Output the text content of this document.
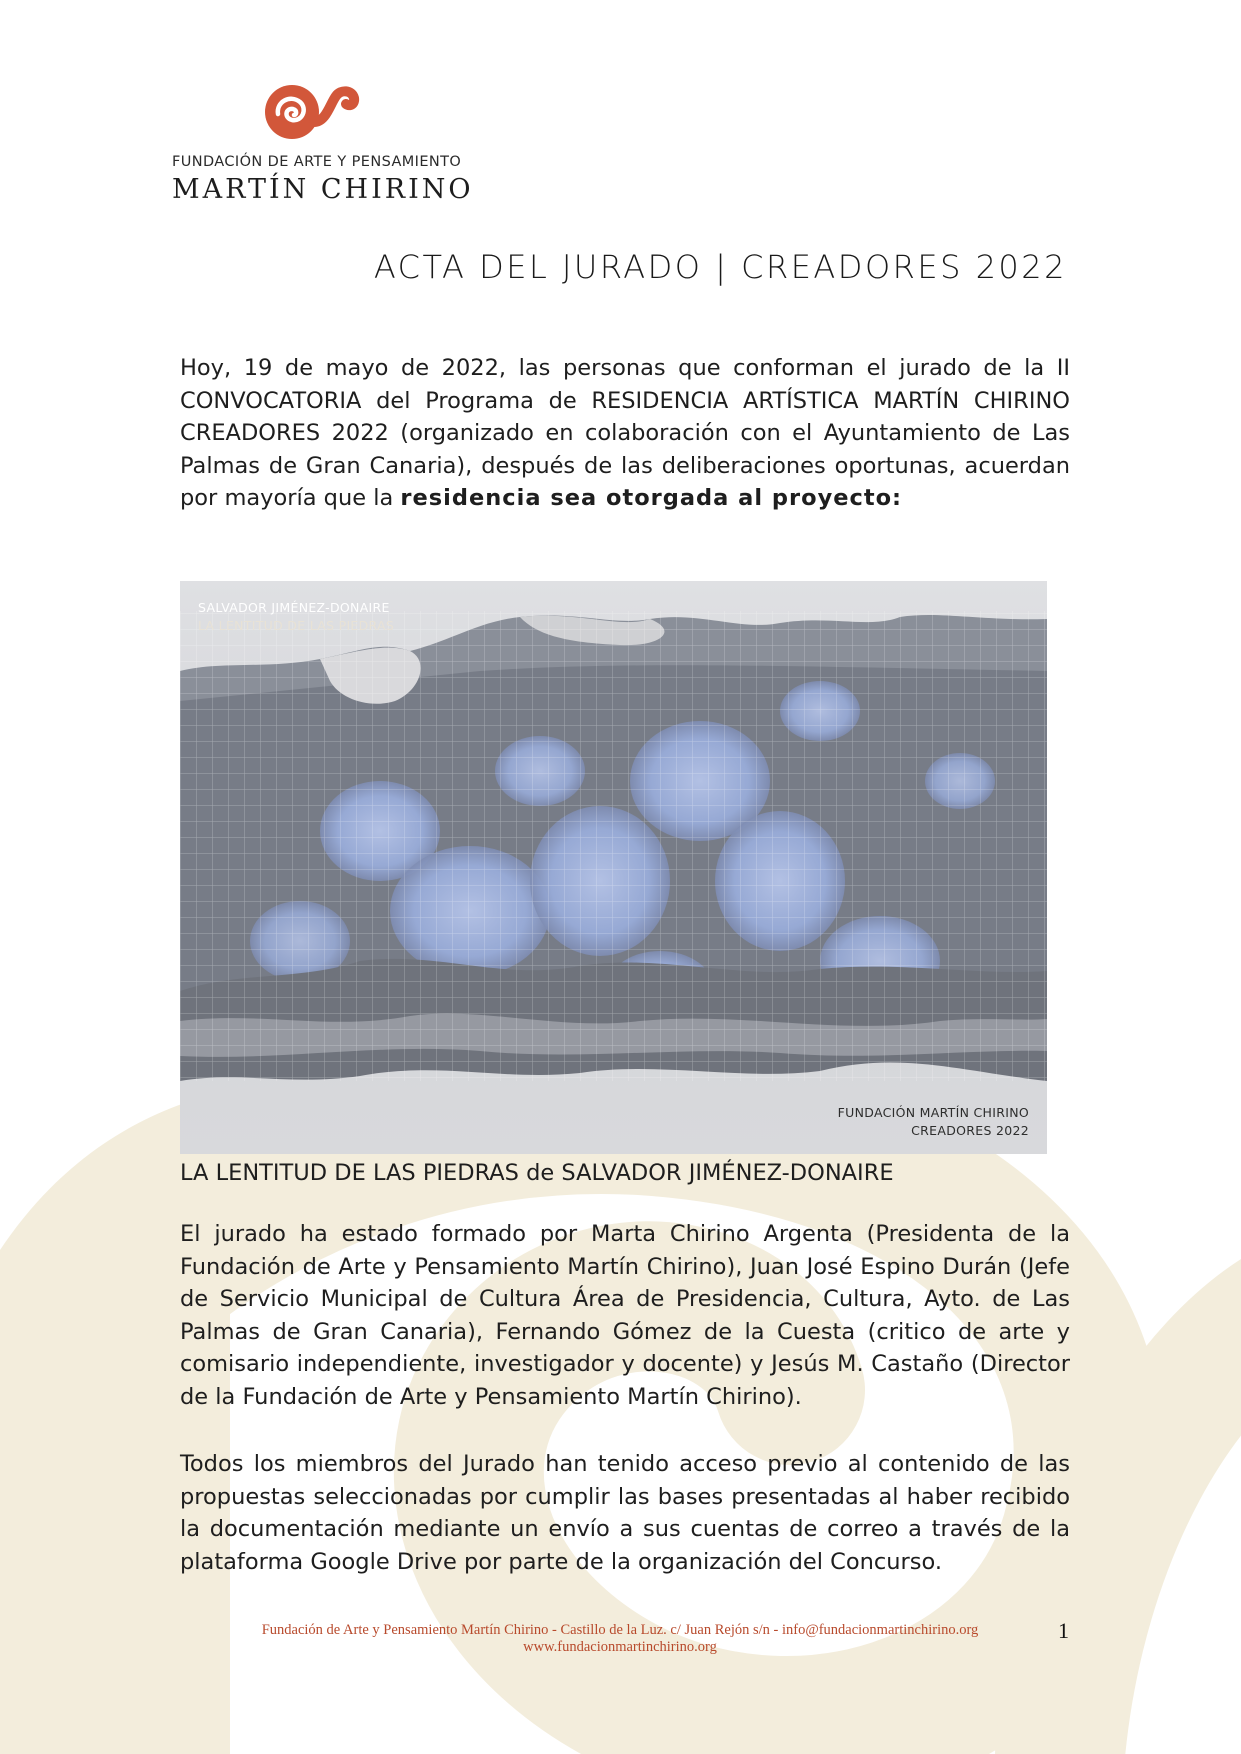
FUNDACIÓN DE ARTE Y PENSAMIENTO
MARTÍN CHIRINO
ACTA DEL JURADO | CREADORES 2022
Hoy, 19 de mayo de 2022, las personas que conforman el jurado de la II CONVOCATORIA del Programa de RESIDENCIA ARTÍSTICA MARTÍN CHIRINO CREADORES 2022 (organizado en colaboración con el Ayuntamiento de Las Palmas de Gran Canaria), después de las deliberaciones oportunas, acuerdan por mayoría que la residencia sea otorgada al proyecto:
SALVADOR JIMÉNEZ-DONAIRE
LA LENTITUD DE LAS PIEDRAS
FUNDACIÓN MARTÍN CHIRINO
CREADORES 2022
LA LENTITUD DE LAS PIEDRAS de SALVADOR JIMÉNEZ-DONAIRE
El jurado ha estado formado por Marta Chirino Argenta (Presidenta de la Fundación de Arte y Pensamiento Martín Chirino), Juan José Espino Durán (Jefe de Servicio Municipal de Cultura Área de Presidencia, Cultura, Ayto. de Las Palmas de Gran Canaria), Fernando Gómez de la Cuesta (critico de arte y comisario independiente, investigador y docente) y Jesús M. Castaño (Director de la Fundación de Arte y Pensamiento Martín Chirino).
Todos los miembros del Jurado han tenido acceso previo al contenido de las propuestas seleccionadas por cumplir las bases presentadas al haber recibido la documentación mediante un envío a sus cuentas de correo a través de la plataforma Google Drive por parte de la organización del Concurso.
Fundación de Arte y Pensamiento Martín Chirino - Castillo de la Luz. c/ Juan Rejón s/n - info@fundacionmartinchirino.org
www.fundacionmartinchirino.org
1
